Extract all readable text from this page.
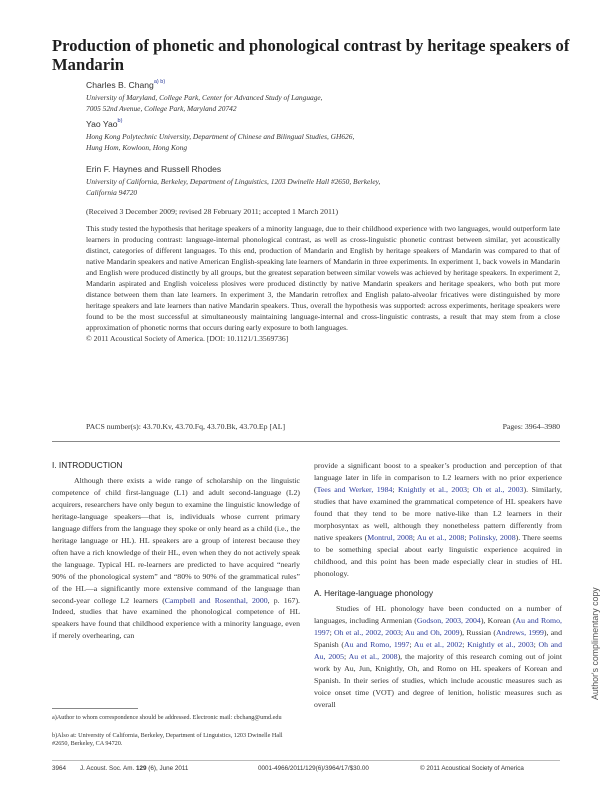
Production of phonetic and phonological contrast by heritage speakers of Mandarin
Charles B. Chang$^{a) b)}$
University of Maryland, College Park, Center for Advanced Study of Language,
7005 52nd Avenue, College Park, Maryland 20742
Yao Yao$^{b)}$
Hong Kong Polytechnic University, Department of Chinese and Bilingual Studies, GH626,
Hung Hom, Kowloon, Hong Kong
Erin F. Haynes and Russell Rhodes
University of California, Berkeley, Department of Linguistics, 1203 Dwinelle Hall #2650, Berkeley,
California 94720
(Received 3 December 2009; revised 28 February 2011; accepted 1 March 2011)
This study tested the hypothesis that heritage speakers of a minority language, due to their childhood experience with two languages, would outperform late learners in producing contrast: language-internal phonological contrast, as well as cross-linguistic phonetic contrast between similar, yet acoustically distinct, categories of different languages. To this end, production of Mandarin and English by heritage speakers of Mandarin was compared to that of native Mandarin speakers and native American English-speaking late learners of Mandarin in three experiments. In experiment 1, back vowels in Mandarin and English were produced distinctly by all groups, but the greatest separation between similar vowels was achieved by heritage speakers. In experiment 2, Mandarin aspirated and English voiceless plosives were produced distinctly by native Mandarin speakers and heritage speakers, who both put more distance between them than late learners. In experiment 3, the Mandarin retroflex and English palato-alveolar fricatives were distinguished by more heritage speakers and late learners than native Mandarin speakers. Thus, overall the hypothesis was supported: across experiments, heritage speakers were found to be the most successful at simultaneously maintaining language-internal and cross-linguistic contrasts, a result that may stem from a close approximation of phonetic norms that occurs during early exposure to both languages.
© 2011 Acoustical Society of America. [DOI: 10.1121/1.3569736]
PACS number(s): 43.70.Kv, 43.70.Fq, 43.70.Bk, 43.70.Ep [AL]	Pages: 3964–3980
I. INTRODUCTION

Although there exists a wide range of scholarship on the linguistic competence of child first-language (L1) and adult second-language (L2) acquirers, researchers have only begun to examine the linguistic knowledge of heritage-language speakers—that is, individuals whose current primary language differs from the language they spoke or only heard as a child (i.e., the heritage language or HL). HL speakers are a group of interest because they often have a rich knowledge of their HL, even when they do not actively speak the language. Typical HL re-learners are predicted to have acquired “nearly 90% of the phonological system” and “80% to 90% of the grammatical rules” of the HL—a significantly more extensive command of the language than second-year college L2 learners (Campbell and Rosenthal, 2000, p. 167). Indeed, studies that have examined the phonological competence of HL speakers have found that childhood experience with a minority language, even if merely overhearing, can

a)Author to whom correspondence should be addressed. Electronic mail: cbchang@umd.edu
b)Also at: University of California, Berkeley, Department of Linguistics, 1203 Dwinelle Hall #2650, Berkeley, CA 94720.

provide a significant boost to a speaker’s production and perception of that language later in life in comparison to L2 learners with no prior experience (Tees and Werker, 1984; Knightly et al., 2003; Oh et al., 2003). Similarly, studies that have examined the grammatical competence of HL speakers have found that they tend to be more native-like than L2 learners in their morphosyntax as well, although they nonetheless pattern differently from native speakers (Montrul, 2008; Au et al., 2008; Polinsky, 2008). There seems to be something special about early linguistic experience acquired in childhood, and this point has been made especially clear in studies of HL phonology.

A. Heritage-language phonology

Studies of HL phonology have been conducted on a number of languages, including Armenian (Godson, 2003, 2004), Korean (Au and Romo, 1997; Oh et al., 2002, 2003; Au and Oh, 2009), Russian (Andrews, 1999), and Spanish (Au and Romo, 1997; Au et al., 2002; Knightly et al., 2003; Oh and Au, 2005; Au et al., 2008), the majority of this research coming out of joint work by Au, Jun, Knightly, Oh, and Romo on HL speakers of Korean and Spanish. In their series of studies, which include acoustic measures such as voice onset time (VOT) and degree of lenition, holistic measures such as overall

3964 J. Acoust. Soc. Am. 129 (6), June 2011	0001-4966/2011/129(6)/3964/17/$30.00	© 2011 Acoustical Society of America
Author's complimentary copy
